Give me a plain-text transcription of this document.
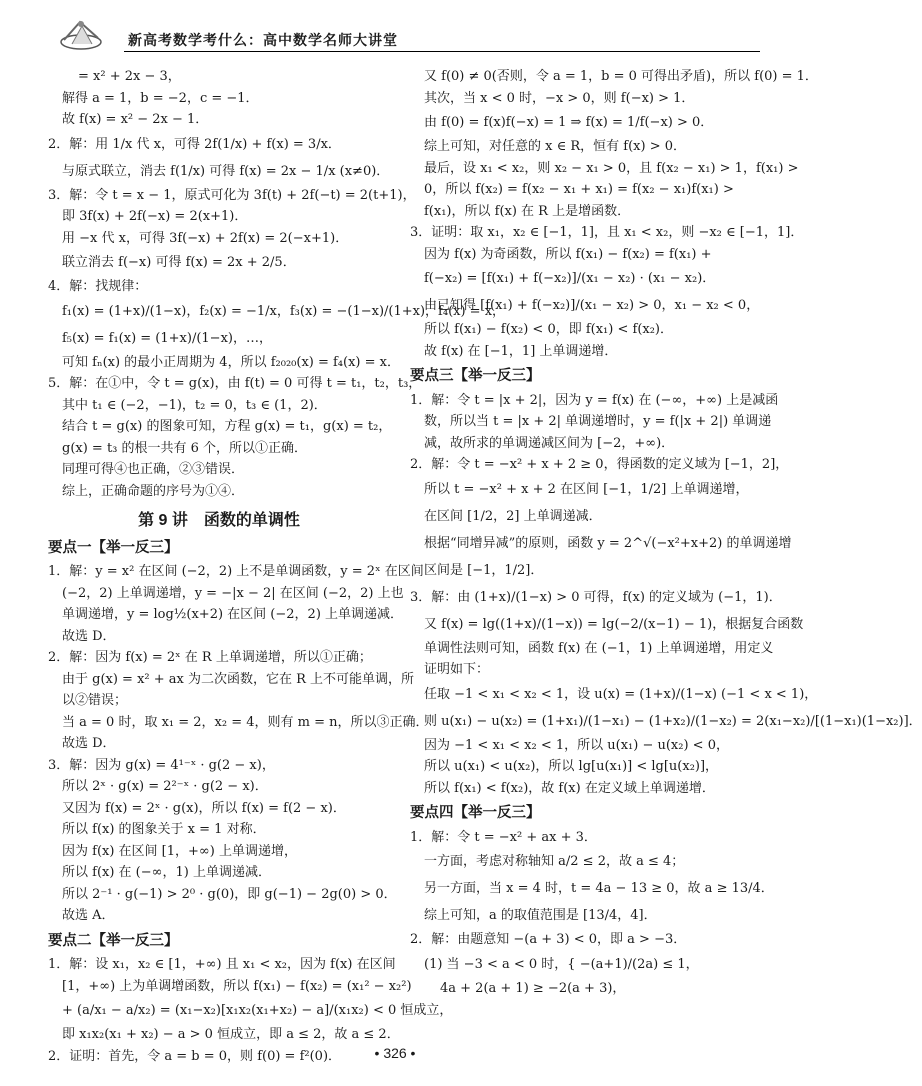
新高考数学考什么：高中数学名师大讲堂
= x² + 2x − 3，
解得 a = 1，b = −2，c = −1．
故 f(x) = x² − 2x − 1．
2．解：用 1/x 代 x，可得 2f(1/x) + f(x) = 3/x．
与原式联立，消去 f(1/x) 可得 f(x) = 2x − 1/x (x≠0)．
3．解：令 t = x − 1，原式可化为 3f(t) + 2f(−t) = 2(t+1)，
即 3f(x) + 2f(−x) = 2(x+1)．
用 −x 代 x，可得 3f(−x) + 2f(x) = 2(−x+1)．
联立消去 f(−x) 可得 f(x) = 2x + 2/5．
4．解：找规律：
f₁(x) = (1+x)/(1−x)，f₂(x) = −1/x，f₃(x) = −(1−x)/(1+x)，f₄(x) = x，
f₅(x) = f₁(x) = (1+x)/(1−x)，…，
可知 fₙ(x) 的最小正周期为 4，所以 f₂₀₂₀(x) = f₄(x) = x．
5．解：在①中，令 t = g(x)，由 f(t) = 0 可得 t = t₁，t₂，t₃，
其中 t₁ ∈ (−2，−1)，t₂ = 0，t₃ ∈ (1，2)．
结合 t = g(x) 的图象可知，方程 g(x) = t₁，g(x) = t₂，
g(x) = t₃ 的根一共有 6 个，所以①正确．
同理可得④也正确，②③错误．
综上，正确命题的序号为①④．
第 9 讲　函数的单调性
要点一【举一反三】
1．解：y = x² 在区间 (−2，2) 上不是单调函数，y = 2ˣ 在区间
(−2，2) 上单调递增，y = −|x − 2| 在区间 (−2，2) 上也
单调递增，y = log½(x+2) 在区间 (−2，2) 上单调递减．
故选 D．
2．解：因为 f(x) = 2ˣ 在 R 上单调递增，所以①正确；
由于 g(x) = x² + ax 为二次函数，它在 R 上不可能单调，所
以②错误；
当 a = 0 时，取 x₁ = 2，x₂ = 4，则有 m = n，所以③正确．
故选 D．
3．解：因为 g(x) = 4¹⁻ˣ · g(2 − x)，
所以 2ˣ · g(x) = 2²⁻ˣ · g(2 − x)．
又因为 f(x) = 2ˣ · g(x)，所以 f(x) = f(2 − x)．
所以 f(x) 的图象关于 x = 1 对称．
因为 f(x) 在区间 [1，+∞) 上单调递增，
所以 f(x) 在 (−∞，1) 上单调递减．
所以 2⁻¹ · g(−1) > 2⁰ · g(0)，即 g(−1) − 2g(0) > 0．
故选 A．
要点二【举一反三】
1．解：设 x₁，x₂ ∈ [1，+∞) 且 x₁ < x₂，因为 f(x) 在区间
[1，+∞) 上为单调增函数，所以 f(x₁) − f(x₂) = (x₁² − x₂²)
+ (a/x₁ − a/x₂) = (x₁−x₂)[x₁x₂(x₁+x₂) − a]/(x₁x₂) < 0 恒成立，
即 x₁x₂(x₁ + x₂) − a > 0 恒成立，即 a ≤ 2，故 a ≤ 2．
2．证明：首先，令 a = b = 0，则 f(0) = f²(0)．
又 f(0) ≠ 0(否则，令 a = 1，b = 0 可得出矛盾)，所以 f(0) = 1．
其次，当 x < 0 时，−x > 0，则 f(−x) > 1．
由 f(0) = f(x)f(−x) = 1 ⇒ f(x) = 1/f(−x) > 0．
综上可知，对任意的 x ∈ R，恒有 f(x) > 0．
最后，设 x₁ < x₂，则 x₂ − x₁ > 0，且 f(x₂ − x₁) > 1，f(x₁) >
0，所以 f(x₂) = f(x₂ − x₁ + x₁) = f(x₂ − x₁)f(x₁) >
f(x₁)，所以 f(x) 在 R 上是增函数．
3．证明：取 x₁，x₂ ∈ [−1，1]，且 x₁ < x₂，则 −x₂ ∈ [−1，1]．
因为 f(x) 为奇函数，所以 f(x₁) − f(x₂) = f(x₁) +
f(−x₂) = [f(x₁) + f(−x₂)]/(x₁ − x₂) · (x₁ − x₂)．
由已知得 [f(x₁) + f(−x₂)]/(x₁ − x₂) > 0，x₁ − x₂ < 0，
所以 f(x₁) − f(x₂) < 0，即 f(x₁) < f(x₂)．
故 f(x) 在 [−1，1] 上单调递增．
要点三【举一反三】
1．解：令 t = |x + 2|，因为 y = f(x) 在 (−∞，+∞) 上是减函
数，所以当 t = |x + 2| 单调递增时，y = f(|x + 2|) 单调递
减，故所求的单调递减区间为 [−2，+∞)．
2．解：令 t = −x² + x + 2 ≥ 0，得函数的定义域为 [−1，2]，
所以 t = −x² + x + 2 在区间 [−1，1/2] 上单调递增，
在区间 [1/2，2] 上单调递减．
根据“同增异减”的原则，函数 y = 2^√(−x²+x+2) 的单调递增
区间是 [−1，1/2]．
3．解：由 (1+x)/(1−x) > 0 可得，f(x) 的定义域为 (−1，1)．
又 f(x) = lg((1+x)/(1−x)) = lg(−2/(x−1) − 1)，根据复合函数
单调性法则可知，函数 f(x) 在 (−1，1) 上单调递增，用定义
证明如下：
任取 −1 < x₁ < x₂ < 1，设 u(x) = (1+x)/(1−x) (−1 < x < 1)，
则 u(x₁) − u(x₂) = (1+x₁)/(1−x₁) − (1+x₂)/(1−x₂) = 2(x₁−x₂)/[(1−x₁)(1−x₂)]．
因为 −1 < x₁ < x₂ < 1，所以 u(x₁) − u(x₂) < 0，
所以 u(x₁) < u(x₂)，所以 lg[u(x₁)] < lg[u(x₂)]，
所以 f(x₁) < f(x₂)，故 f(x) 在定义域上单调递增．
要点四【举一反三】
1．解：令 t = −x² + ax + 3．
一方面，考虑对称轴知 a/2 ≤ 2，故 a ≤ 4；
另一方面，当 x = 4 时，t = 4a − 13 ≥ 0，故 a ≥ 13/4．
综上可知，a 的取值范围是 [13/4，4]．
2．解：由题意知 −(a + 3) < 0，即 a > −3．
(1) 当 −3 < a < 0 时，{ −(a+1)/(2a) ≤ 1，
4a + 2(a + 1) ≥ −2(a + 3)，
• 326 •
